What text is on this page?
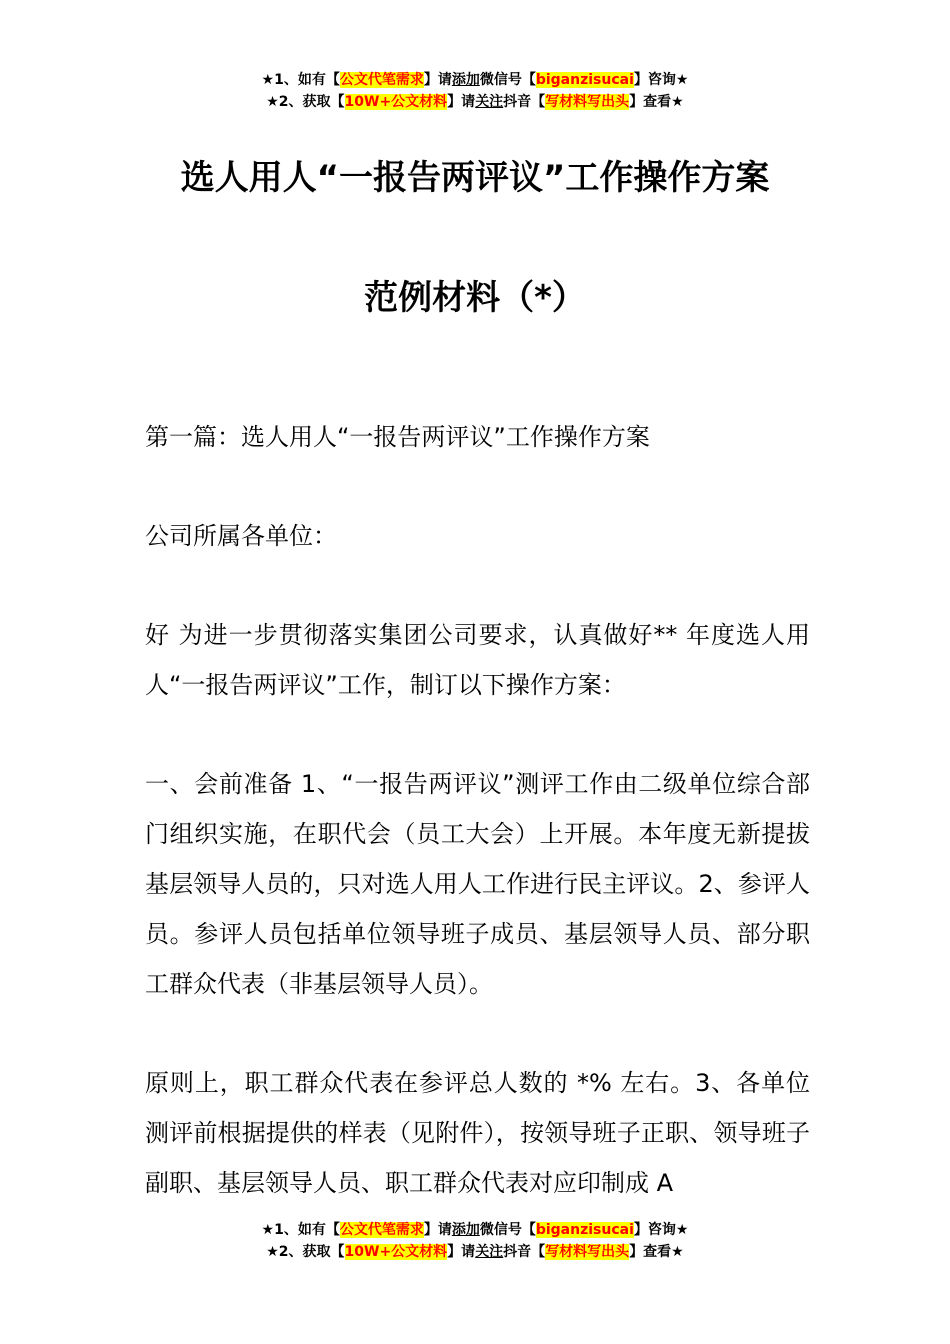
★1、如有【公文代笔需求】请添加微信号【biganzisucai】咨询★
★2、获取【10W+公文材料】请关注抖音【写材料写出头】查看★
选人用人“一报告两评议”工作操作方案
范例材料（*）

第一篇：选人用人“一报告两评议”工作操作方案

公司所属各单位：

好 为进一步贯彻落实集团公司要求，认真做好** 年度选人用人“一报告两评议”工作，制订以下操作方案：

一、会前准备 1、“一报告两评议”测评工作由二级单位综合部门组织实施，在职代会（员工大会）上开展。本年度无新提拔基层领导人员的，只对选人用人工作进行民主评议。2、参评人员。参评人员包括单位领导班子成员、基层领导人员、部分职工群众代表（非基层领导人员）。

原则上，职工群众代表在参评总人数的 *% 左右。3、各单位测评前根据提供的样表（见附件），按领导班子正职、领导班子副职、基层领导人员、职工群众代表对应印制成 A

★1、如有【公文代笔需求】请添加微信号【biganzisucai】咨询★
★2、获取【10W+公文材料】请关注抖音【写材料写出头】查看★
